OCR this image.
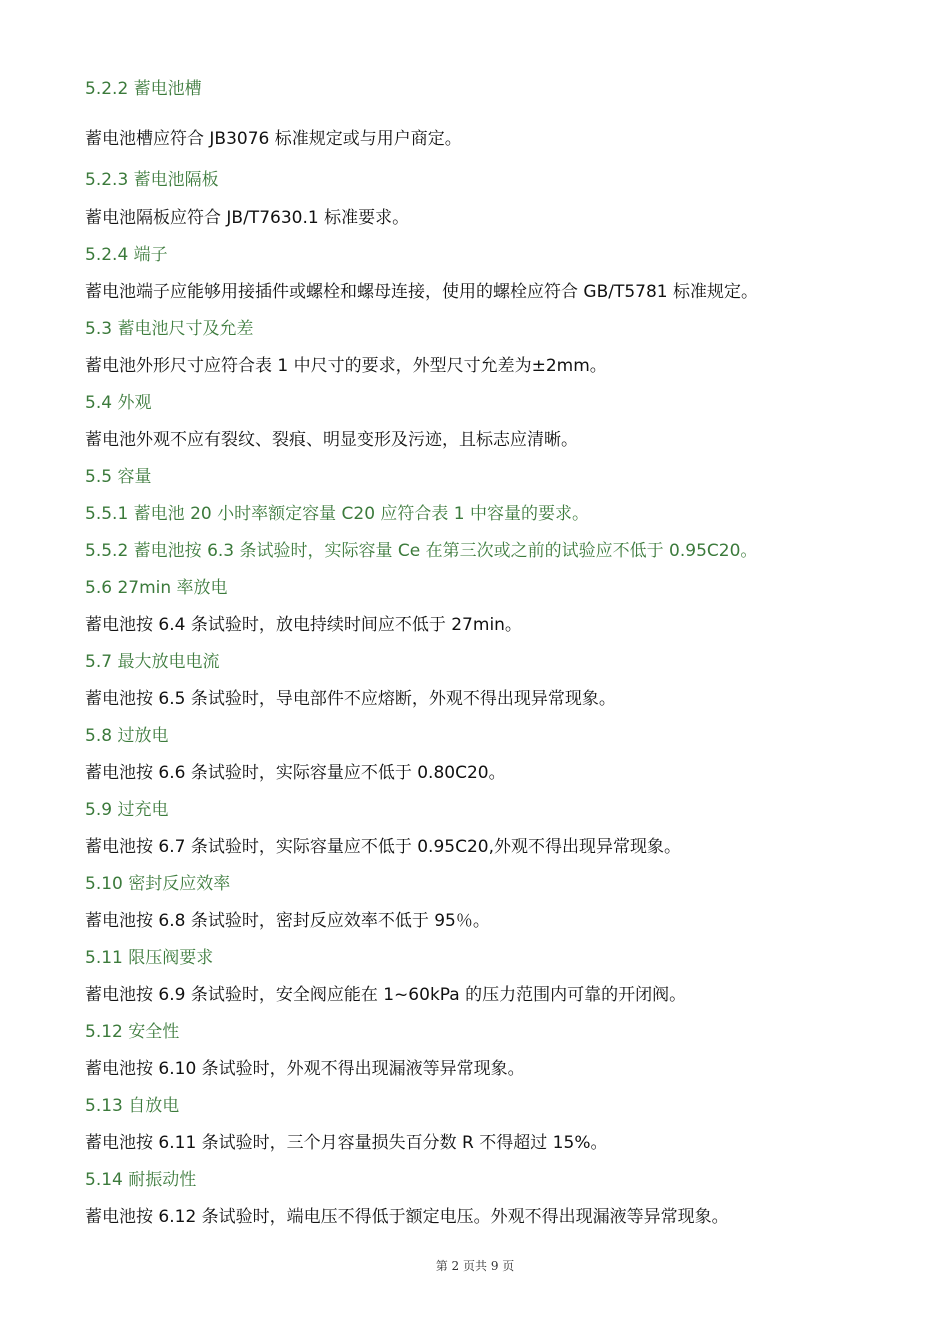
5.2.2 蓄电池槽
蓄电池槽应符合 JB3076 标准规定或与用户商定。
5.2.3 蓄电池隔板
蓄电池隔板应符合 JB/T7630.1 标准要求。
5.2.4 端子
蓄电池端子应能够用接插件或螺栓和螺母连接，使用的螺栓应符合 GB/T5781 标准规定。
5.3 蓄电池尺寸及允差
蓄电池外形尺寸应符合表 1 中尺寸的要求，外型尺寸允差为±2mm。
5.4 外观
蓄电池外观不应有裂纹、裂痕、明显变形及污迹，且标志应清晰。
5.5 容量
5.5.1 蓄电池 20 小时率额定容量 C20 应符合表 1 中容量的要求。
5.5.2 蓄电池按 6.3 条试验时，实际容量 Ce 在第三次或之前的试验应不低于 0.95C20。
5.6 27min 率放电
蓄电池按 6.4 条试验时，放电持续时间应不低于 27min。
5.7 最大放电电流
蓄电池按 6.5 条试验时，导电部件不应熔断，外观不得出现异常现象。
5.8 过放电
蓄电池按 6.6 条试验时，实际容量应不低于 0.80C20。
5.9 过充电
蓄电池按 6.7 条试验时，实际容量应不低于 0.95C20,外观不得出现异常现象。
5.10 密封反应效率
蓄电池按 6.8 条试验时，密封反应效率不低于 95％。
5.11 限压阀要求
蓄电池按 6.9 条试验时，安全阀应能在 1~60kPa 的压力范围内可靠的开闭阀。
5.12 安全性
蓄电池按 6.10 条试验时，外观不得出现漏液等异常现象。
5.13 自放电
蓄电池按 6.11 条试验时，三个月容量损失百分数 R 不得超过 15%。
5.14 耐振动性
蓄电池按 6.12 条试验时，端电压不得低于额定电压。外观不得出现漏液等异常现象。
第 2 页共 9 页
